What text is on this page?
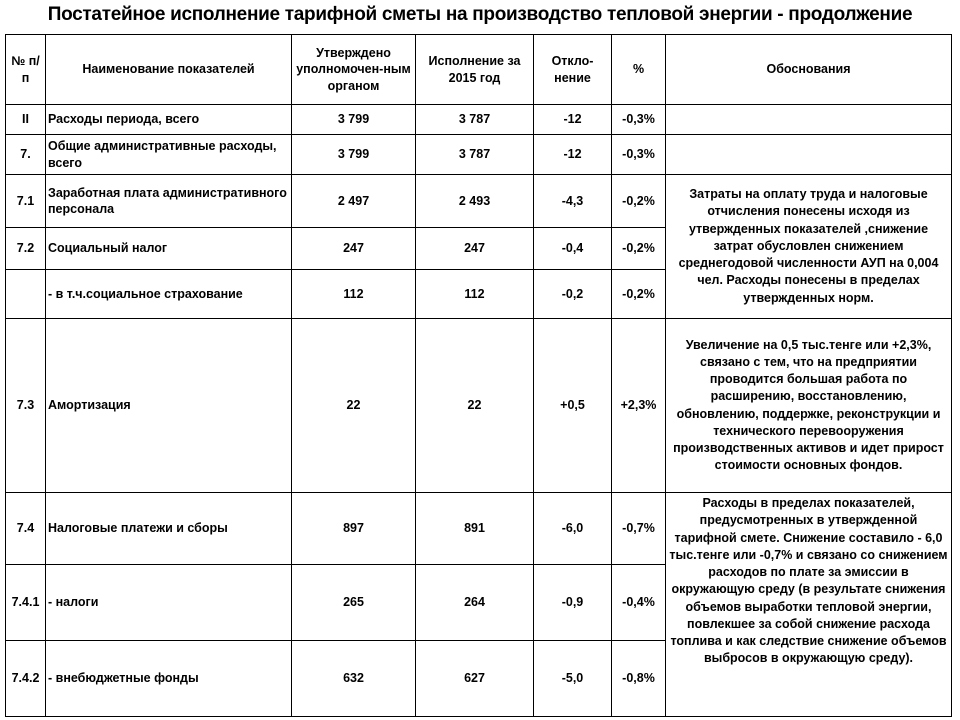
Постатейное исполнение тарифной сметы на производство тепловой энергии - продолжение
№ п/п	Наименование показателей	Утверждено уполномочен-ным органом	Исполнение за 2015 год	Откло-нение	%	Обоснования
II	Расходы периода, всего	3 799	3 787	-12	-0,3%	
7.	Общие административные расходы, всего	3 799	3 787	-12	-0,3%	
7.1	Заработная плата административного персонала	2 497	2 493	-4,3	-0,2%	Затраты на оплату труда и налоговые отчисления понесены исходя из утвержденных показателей ,снижение затрат обусловлен снижением среднегодовой численности АУП на 0,004 чел. Расходы понесены в пределах утвержденных норм.
7.2	Социальный налог	247	247	-0,4	-0,2%	
	- в т.ч.социальное страхование	112	112	-0,2	-0,2%	
7.3	Амортизация	22	22	+0,5	+2,3%	Увеличение на 0,5 тыс.тенге или +2,3%, связано с тем, что на предприятии проводится большая работа по расширению, восстановлению, обновлению, поддержке, реконструкции и технического перевооружения производственных активов и идет прирост стоимости основных фондов.
7.4	Налоговые платежи и сборы	897	891	-6,0	-0,7%	Расходы в пределах показателей, предусмотренных в утвержденной тарифной смете. Снижение составило - 6,0 тыс.тенге или -0,7% и связано со снижением расходов по плате за эмиссии в окружающую среду (в результате снижения объемов выработки тепловой энергии, повлекшее за собой снижение расхода топлива и как следствие снижение объемов выбросов в окружающую среду).
7.4.1	- налоги	265	264	-0,9	-0,4%	
7.4.2	- внебюджетные фонды	632	627	-5,0	-0,8%	
